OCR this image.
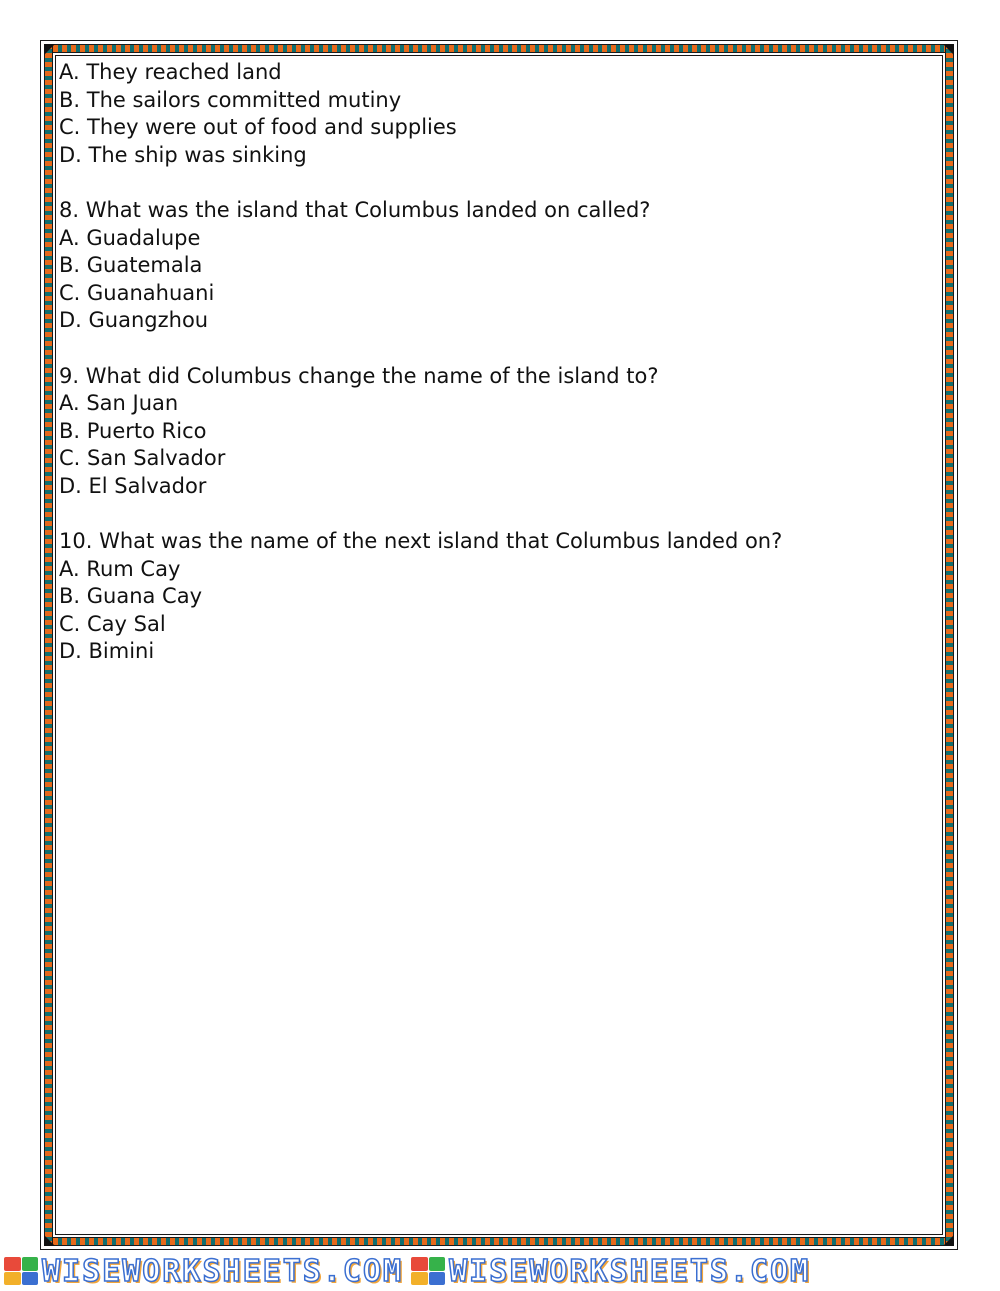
A. They reached land
B. The sailors committed mutiny
C. They were out of food and supplies
D. The ship was sinking
8. What was the island that Columbus landed on called?
A. Guadalupe
B. Guatemala
C. Guanahuani
D. Guangzhou
9. What did Columbus change the name of the island to?
A. San Juan
B. Puerto Rico
C. San Salvador
D. El Salvador
10. What was the name of the next island that Columbus landed on?
A. Rum Cay
B. Guana Cay
C. Cay Sal
D. Bimini
WISEWORKSHEETS.COM WISEWORKSHEETS.COM
